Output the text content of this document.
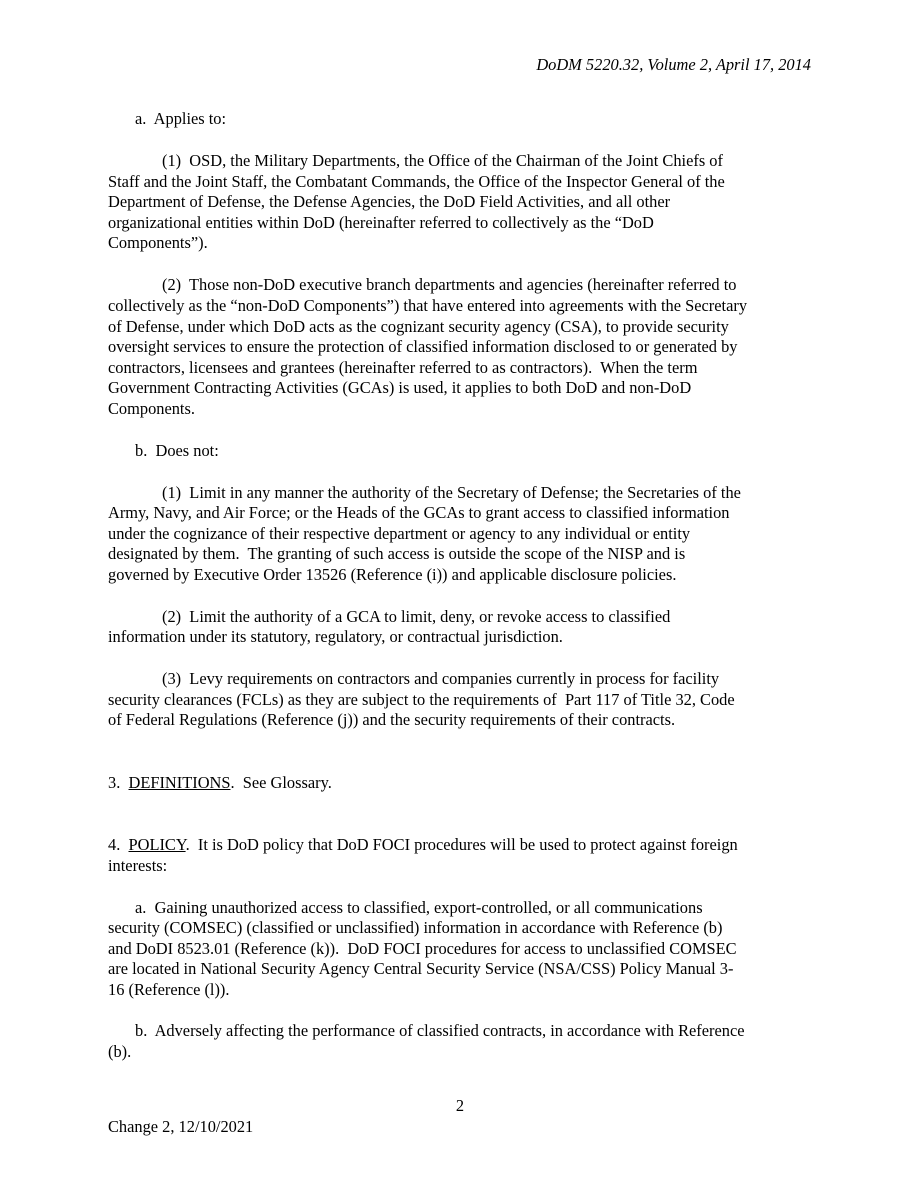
DoDM 5220.32, Volume 2, April 17, 2014

a.  Applies to:

(1)  OSD, the Military Departments, the Office of the Chairman of the Joint Chiefs of

Staff and the Joint Staff, the Combatant Commands, the Office of the Inspector General of the

Department of Defense, the Defense Agencies, the DoD Field Activities, and all other

organizational entities within DoD (hereinafter referred to collectively as the “DoD

Components”).

(2)  Those non-DoD executive branch departments and agencies (hereinafter referred to

collectively as the “non-DoD Components”) that have entered into agreements with the Secretary

of Defense, under which DoD acts as the cognizant security agency (CSA), to provide security

oversight services to ensure the protection of classified information disclosed to or generated by

contractors, licensees and grantees (hereinafter referred to as contractors).  When the term

Government Contracting Activities (GCAs) is used, it applies to both DoD and non-DoD

Components.

b.  Does not:

(1)  Limit in any manner the authority of the Secretary of Defense; the Secretaries of the

Army, Navy, and Air Force; or the Heads of the GCAs to grant access to classified information

under the cognizance of their respective department or agency to any individual or entity

designated by them.  The granting of such access is outside the scope of the NISP and is

governed by Executive Order 13526 (Reference (i)) and applicable disclosure policies.

(2)  Limit the authority of a GCA to limit, deny, or revoke access to classified

information under its statutory, regulatory, or contractual jurisdiction.

(3)  Levy requirements on contractors and companies currently in process for facility

security clearances (FCLs) as they are subject to the requirements of  Part 117 of Title 32, Code

of Federal Regulations (Reference (j)) and the security requirements of their contracts.

3.  DEFINITIONS.  See Glossary.

4.  POLICY.  It is DoD policy that DoD FOCI procedures will be used to protect against foreign

interests:

a.  Gaining unauthorized access to classified, export-controlled, or all communications

security (COMSEC) (classified or unclassified) information in accordance with Reference (b)

and DoDI 8523.01 (Reference (k)).  DoD FOCI procedures for access to unclassified COMSEC

are located in National Security Agency Central Security Service (NSA/CSS) Policy Manual 3-

16 (Reference (l)).

b.  Adversely affecting the performance of classified contracts, in accordance with Reference

(b).

2
Change 2, 12/10/2021
